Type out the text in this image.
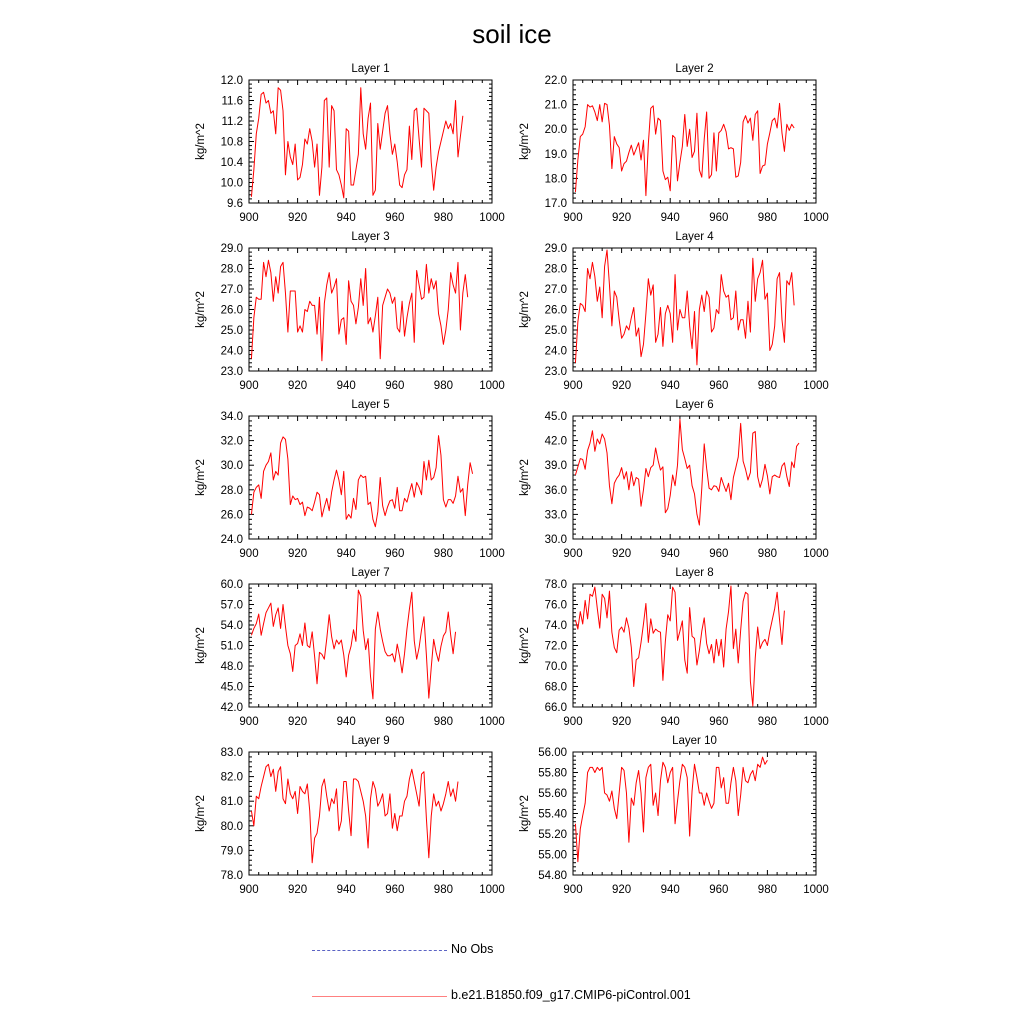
soil ice
Layer 1
kg/m^2
900	920	940	960	980 1000
9.6
10.0
10.4
10.8
11.2
11.6
12.0
Layer 2
kg/m^2
900	920	940	960	980 1000
17.0
18.0
19.0
20.0
21.0
22.0
Layer 3
kg/m^2
900	920	940	960	980 1000
23.0
24.0
25.0
26.0
27.0
28.0
29.0
Layer 4
kg/m^2
900	920	940	960	980 1000
23.0
24.0
25.0
26.0
27.0
28.0
29.0
Layer 5
kg/m^2
900	920	940	960	980 1000
24.0
26.0
28.0
30.0
32.0
34.0
Layer 6
kg/m^2
900	920	940	960	980 1000
30.0
33.0
36.0
39.0
42.0
45.0
Layer 7
kg/m^2
900	920	940	960	980 1000
42.0
45.0
48.0
51.0
54.0
57.0
60.0
Layer 8
kg/m^2
900	920	940	960	980 1000
66.0
68.0
70.0
72.0
74.0
76.0
78.0
Layer 9
kg/m^2
900	920	940	960	980 1000
78.0
79.0
80.0
81.0
82.0
83.0
Layer 10
kg/m^2
900	920	940	960	980 1000
54.80
55.00
55.20
55.40
55.60
55.80
56.00
No Obs
b.e21.B1850.f09_g17.CMIP6-piControl.001
